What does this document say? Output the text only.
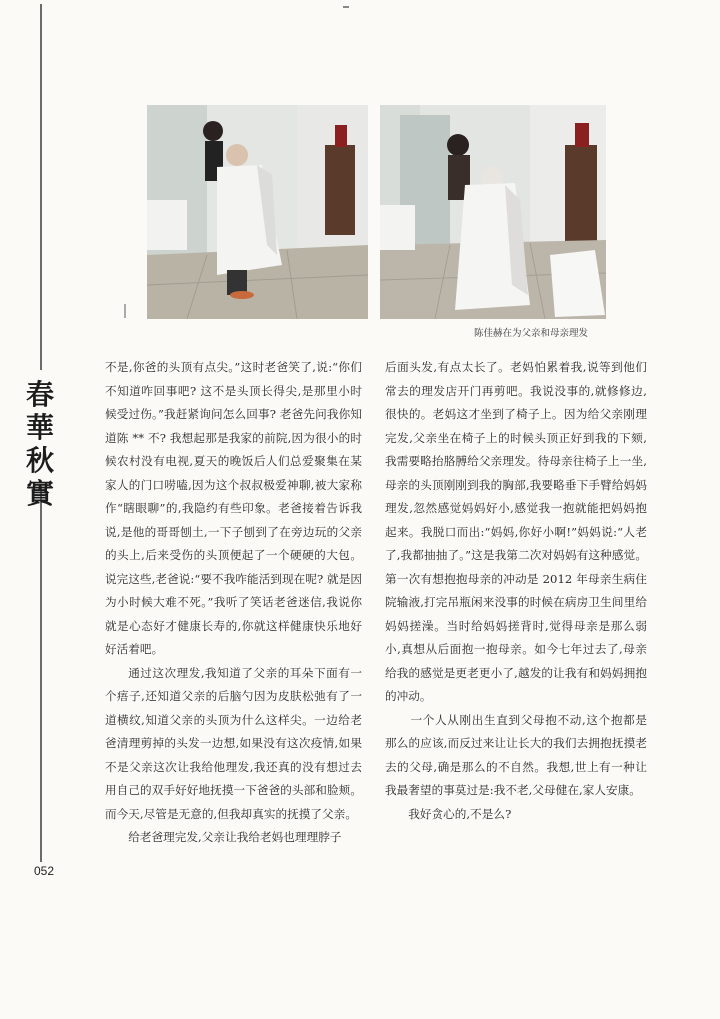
春
華
秋
實
052
陈佳赫在为父亲和母亲理发

不是,你爸的头顶有点尖。”这时老爸笑了,说:“你们不知道咋回事吧? 这不是头顶长得尖,是那里小时候受过伤。”我赶紧询问怎么回事? 老爸先问我你知道陈 ** 不? 我想起那是我家的前院,因为很小的时候农村没有电视,夏天的晚饭后人们总爱聚集在某家人的门口唠嗑,因为这个叔叔极爱神聊,被大家称作“瞎眼聊”的,我隐约有些印象。老爸接着告诉我说,是他的哥哥刨土,一下子刨到了在旁边玩的父亲的头上,后来受伤的头顶便起了一个硬硬的大包。说完这些,老爸说:“要不我咋能活到现在呢? 就是因为小时候大难不死。”我听了笑话老爸迷信,我说你就是心态好才健康长寿的,你就这样健康快乐地好好活着吧。

通过这次理发,我知道了父亲的耳朵下面有一个痦子,还知道父亲的后脑勺因为皮肤松弛有了一道横纹,知道父亲的头顶为什么这样尖。一边给老爸清理剪掉的头发一边想,如果没有这次疫情,如果不是父亲这次让我给他理发,我还真的没有想过去用自己的双手好好地抚摸一下爸爸的头部和脸颊。而今天,尽管是无意的,但我却真实的抚摸了父亲。

给老爸理完发,父亲让我给老妈也理理脖子

后面头发,有点太长了。老妈怕累着我,说等到他们常去的理发店开门再剪吧。我说没事的,就修修边,很快的。老妈这才坐到了椅子上。因为给父亲刚理完发,父亲坐在椅子上的时候头顶正好到我的下颏,我需要略抬胳膊给父亲理发。待母亲往椅子上一坐,母亲的头顶刚刚到我的胸部,我要略垂下手臂给妈妈理发,忽然感觉妈妈好小,感觉我一抱就能把妈妈抱起来。我脱口而出:“妈妈,你好小啊!”妈妈说:“人老了,我都抽抽了。”这是我第二次对妈妈有这种感觉。第一次有想抱抱母亲的冲动是 2012 年母亲生病住院输液,打完吊瓶闲来没事的时候在病房卫生间里给妈妈搓澡。当时给妈妈搓背时,觉得母亲是那么弱小,真想从后面抱一抱母亲。如今七年过去了,母亲给我的感觉是更老更小了,越发的让我有和妈妈拥抱的冲动。

一个人从刚出生直到父母抱不动,这个抱都是那么的应该,而反过来让让长大的我们去拥抱抚摸老去的父母,确是那么的不自然。我想,世上有一种让我最奢望的事莫过是:我不老,父母健在,家人安康。

我好贪心的,不是么?
